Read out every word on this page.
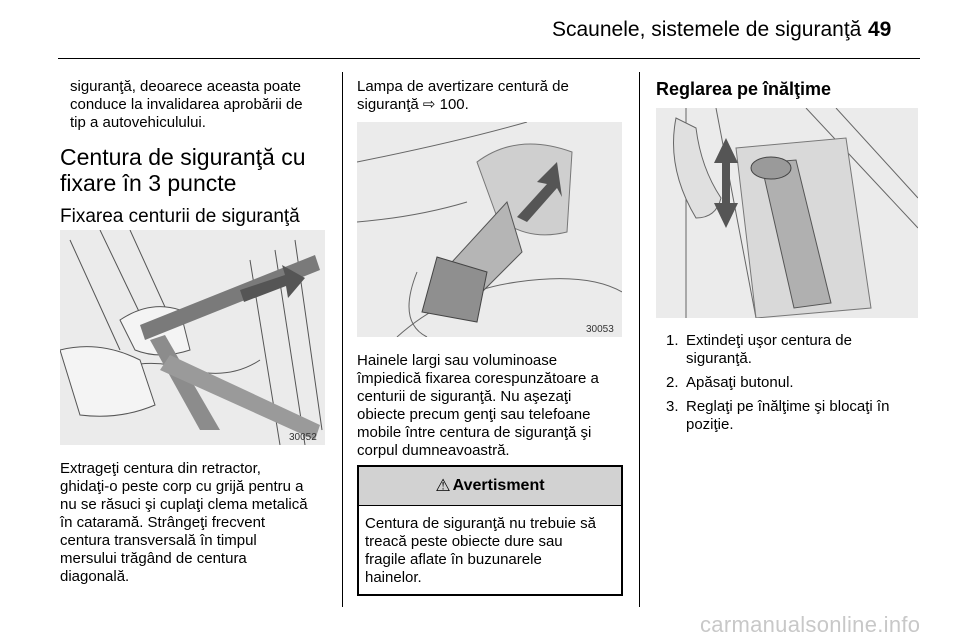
Scaunele, sistemele de siguranţă 49

siguranţă, deoarece aceasta poate

conduce la invalidarea aprobării de

tip a autovehiculului.

Centura de siguranţă cu
fixare în 3 puncte
Fixarea centurii de siguranţă
30052

Extrageţi centura din retractor,

ghidaţi-o peste corp cu grijă pentru a

nu se răsuci şi cuplaţi clema metalică

în cataramă. Strângeţi frecvent

centura transversală în timpul

mersului trăgând de centura

diagonală.

Lampa de avertizare centură de

siguranţă ⇨ 100.

30053

Hainele largi sau voluminoase

împiedică fixarea corespunzătoare a

centurii de siguranţă. Nu aşezaţi

obiecte precum genţi sau telefoane

mobile între centura de siguranţă şi

corpul dumneavoastră.

⚠ Avertisment

Centura de siguranţă nu trebuie să

treacă peste obiecte dure sau

fragile aflate în buzunarele

hainelor.

Reglarea pe înălţime
1. Extindeţi uşor centura de
siguranţă.
2. Apăsaţi butonul.
3. Reglaţi pe înălţime şi blocaţi în
poziţie.
carmanualsonline.info
